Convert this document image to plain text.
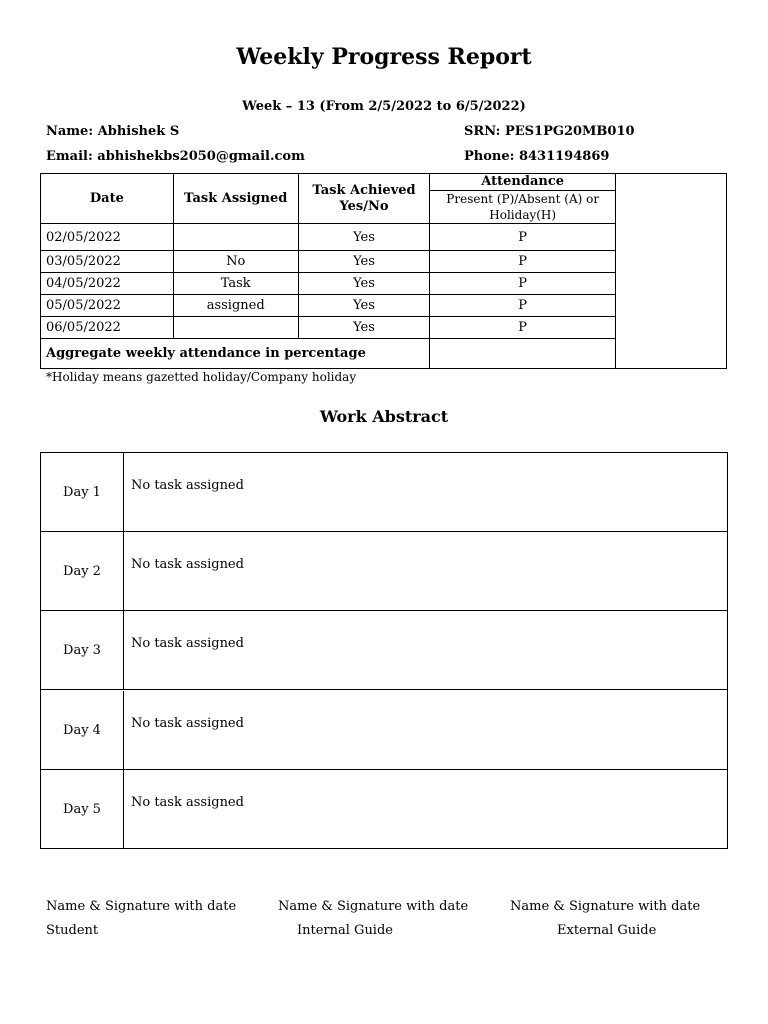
Weekly Progress Report
Week – 13 (From 2/5/2022 to 6/5/2022)
Name: Abhishek S	SRN: PES1PG20MB010
Email: abhishekbs2050@gmail.com	Phone: 8431194869
Date	Task Assigned	Task Achieved Yes/No	Attendance
			Present (P)/Absent (A) or Holiday(H)
02/05/2022		Yes	P
03/05/2022	No	Yes	P
04/05/2022	Task	Yes	P
05/05/2022	assigned	Yes	P
06/05/2022		Yes	P
Aggregate weekly attendance in percentage			
*Holiday means gazetted holiday/Company holiday
Work Abstract
Day 1	No task assigned
Day 2	No task assigned
Day 3	No task assigned
Day 4	No task assigned
Day 5	No task assigned
Name & Signature with date	Name & Signature with date	Name & Signature with date
Student	Internal Guide	External Guide
